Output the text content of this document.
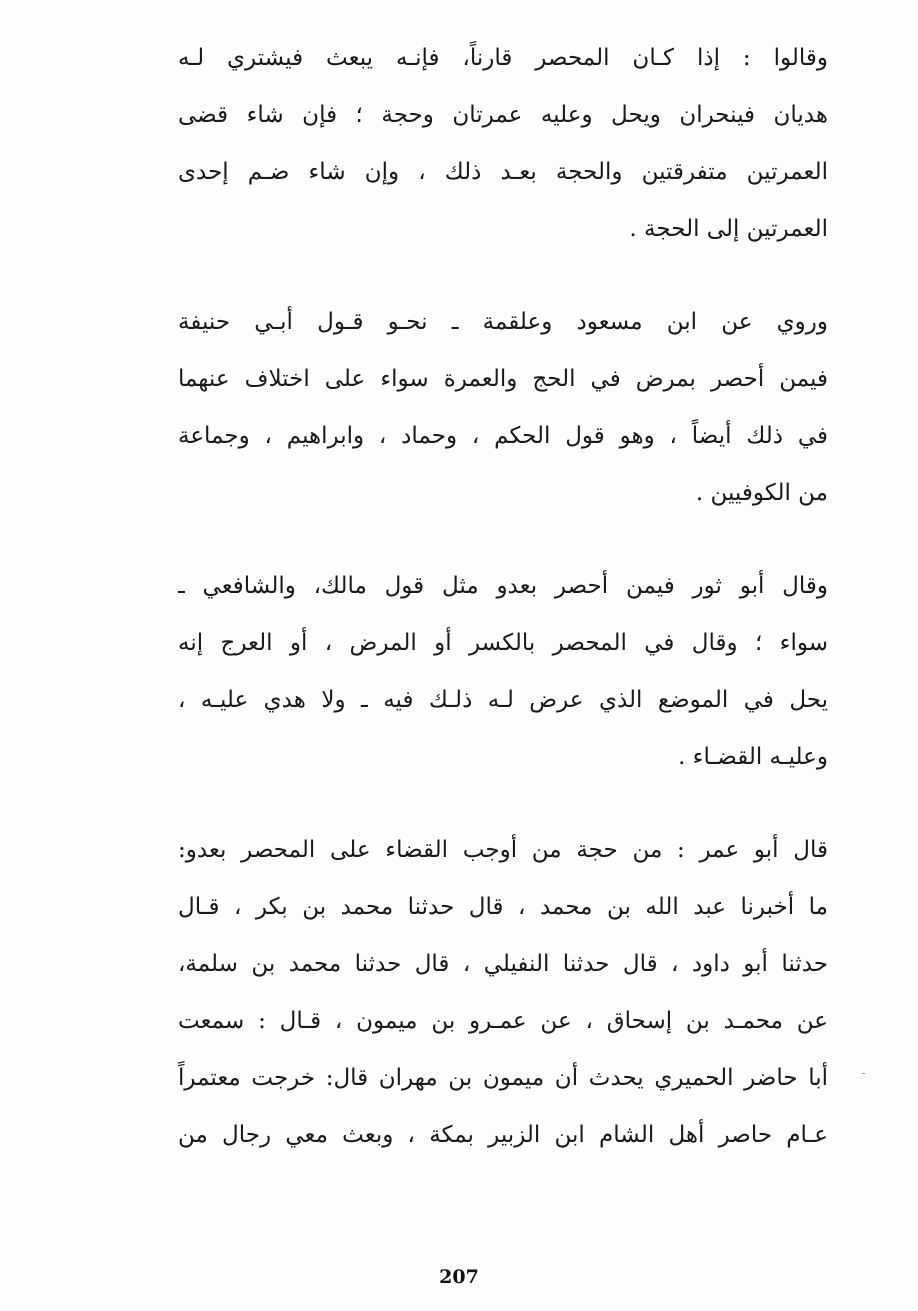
وقالوا : إذا كـان المحصر قارناً، فإنـه يبعث فيشتري لـه
هديان فينحران ويحل وعليه عمرتان وحجة ؛ فإن شاء قضى
العمرتين متفرقتين والحجة بعـد ذلك ، وإن شاء ضـم إحدى
العمرتين إلى الحجة .
وروي عن ابن مسعود وعلقمة ـ نحـو قـول أبـي حنيفة
فيمن أحصر بمرض في الحج والعمرة سواء على اختلاف عنهما
في ذلك أيضاً ، وهو قول الحكم ، وحماد ، وابراهيم ، وجماعة
من الكوفيين .
وقال أبو ثور فيمن أحصر بعدو مثل قول مالك، والشافعي ـ
سواء ؛ وقال في المحصر بالكسر أو المرض ، أو العرج إنه
يحل في الموضع الذي عرض لـه ذلـك فيه ـ ولا هدي عليـه ،
وعليـه القضـاء .
قال أبو عمر : من حجة من أوجب القضاء على المحصر بعدو:
ما أخبرنا عبد الله بن محمد ، قال حدثنا محمد بن بكر ، قـال
حدثنا أبو داود ، قال حدثنا النفيلي ، قال حدثنا محمد بن سلمة،
عن محمـد بن إسحاق ، عن عمـرو بن ميمون ، قـال : سمعت
أبا حاضر الحميري يحدث أن ميمون بن مهران قال: خرجت معتمراً
عـام حاصر أهل الشام ابن الزبير بمكة ، وبعث معي رجال من
207
